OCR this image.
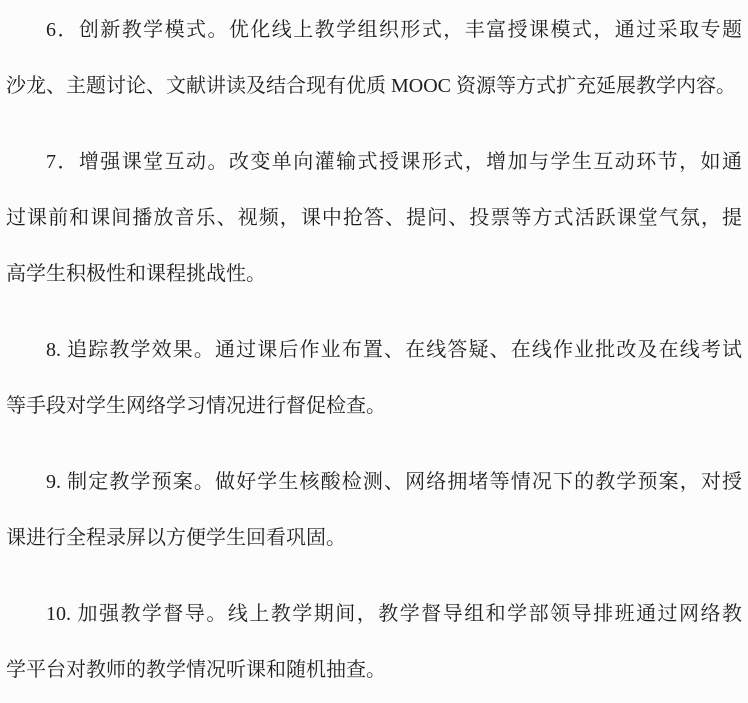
6．创新教学模式。优化线上教学组织形式，丰富授课模式，通过采取专题
沙龙、主题讨论、文献讲读及结合现有优质 MOOC 资源等方式扩充延展教学内容。

7．增强课堂互动。改变单向灌输式授课形式，增加与学生互动环节，如通
过课前和课间播放音乐、视频，课中抢答、提问、投票等方式活跃课堂气氛，提
高学生积极性和课程挑战性。

8. 追踪教学效果。通过课后作业布置、在线答疑、在线作业批改及在线考试
等手段对学生网络学习情况进行督促检查。

9. 制定教学预案。做好学生核酸检测、网络拥堵等情况下的教学预案，对授
课进行全程录屏以方便学生回看巩固。

10. 加强教学督导。线上教学期间，教学督导组和学部领导排班通过网络教
学平台对教师的教学情况听课和随机抽查。
